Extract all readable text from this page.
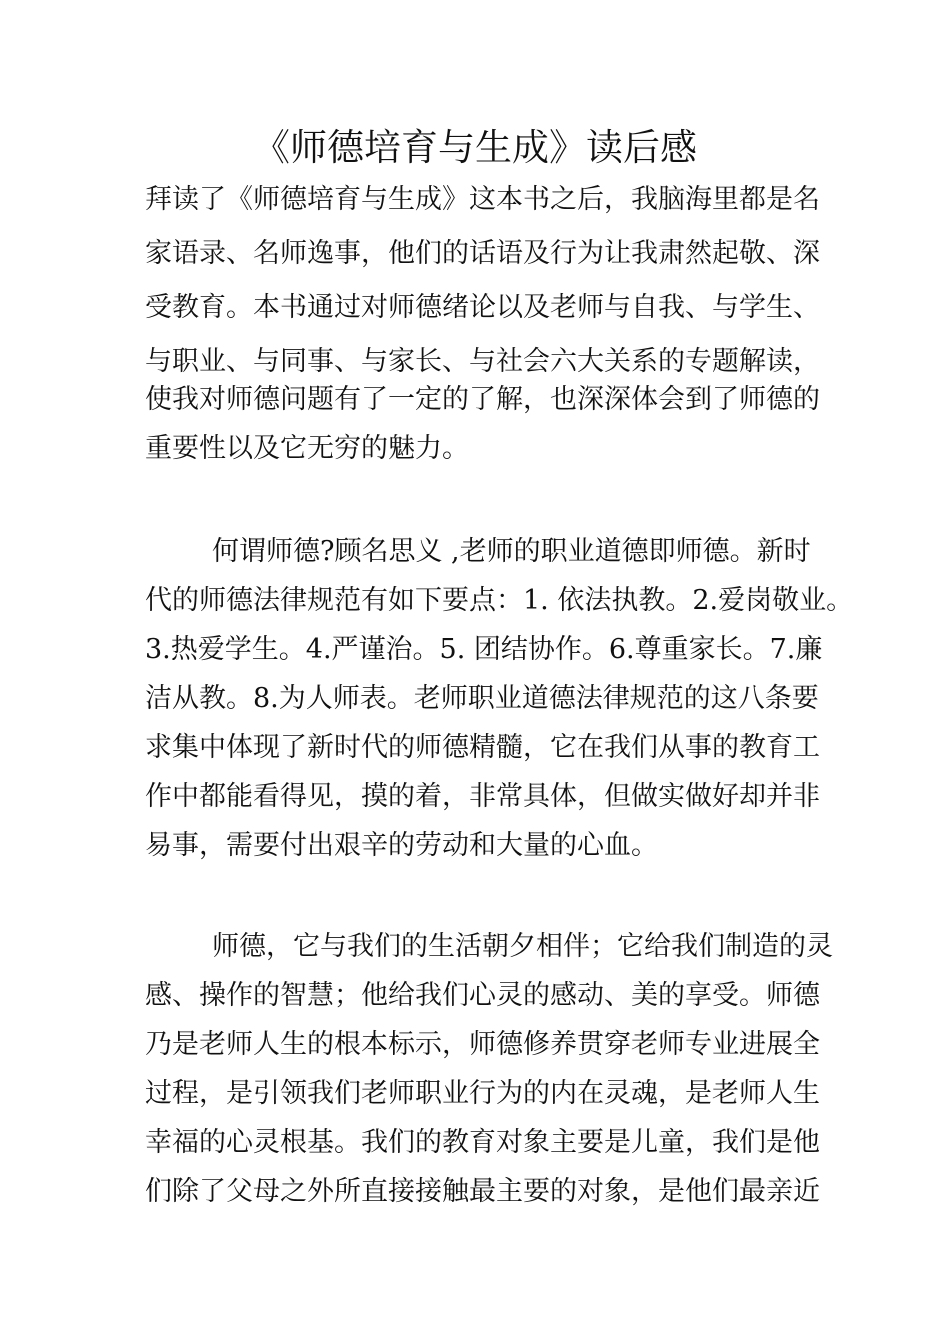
《师德培育与生成》读后感

拜读了《师德培育与生成》这本书之后，我脑海里都是名

家语录、名师逸事，他们的话语及行为让我肃然起敬、深

受教育。本书通过对师德绪论以及老师与自我、与学生、

与职业、与同事、与家长、与社会六大关系的专题解读，

使我对师德问题有了一定的了解，也深深体会到了师德的

重要性以及它无穷的魅力。

何谓师德?顾名思义 ,老师的职业道德即师德。新时

代的师德法律规范有如下要点：1. 依法执教。2.爱岗敬业。

3.热爱学生。4.严谨治。5. 团结协作。6.尊重家长。7.廉

洁从教。8.为人师表。老师职业道德法律规范的这八条要

求集中体现了新时代的师德精髓，它在我们从事的教育工

作中都能看得见，摸的着，非常具体，但做实做好却并非

易事，需要付出艰辛的劳动和大量的心血。

师德，它与我们的生活朝夕相伴；它给我们制造的灵

感、操作的智慧；他给我们心灵的感动、美的享受。师德

乃是老师人生的根本标示，师德修养贯穿老师专业进展全

过程，是引领我们老师职业行为的内在灵魂，是老师人生

幸福的心灵根基。我们的教育对象主要是儿童，我们是他

们除了父母之外所直接接触最主要的对象，是他们最亲近
